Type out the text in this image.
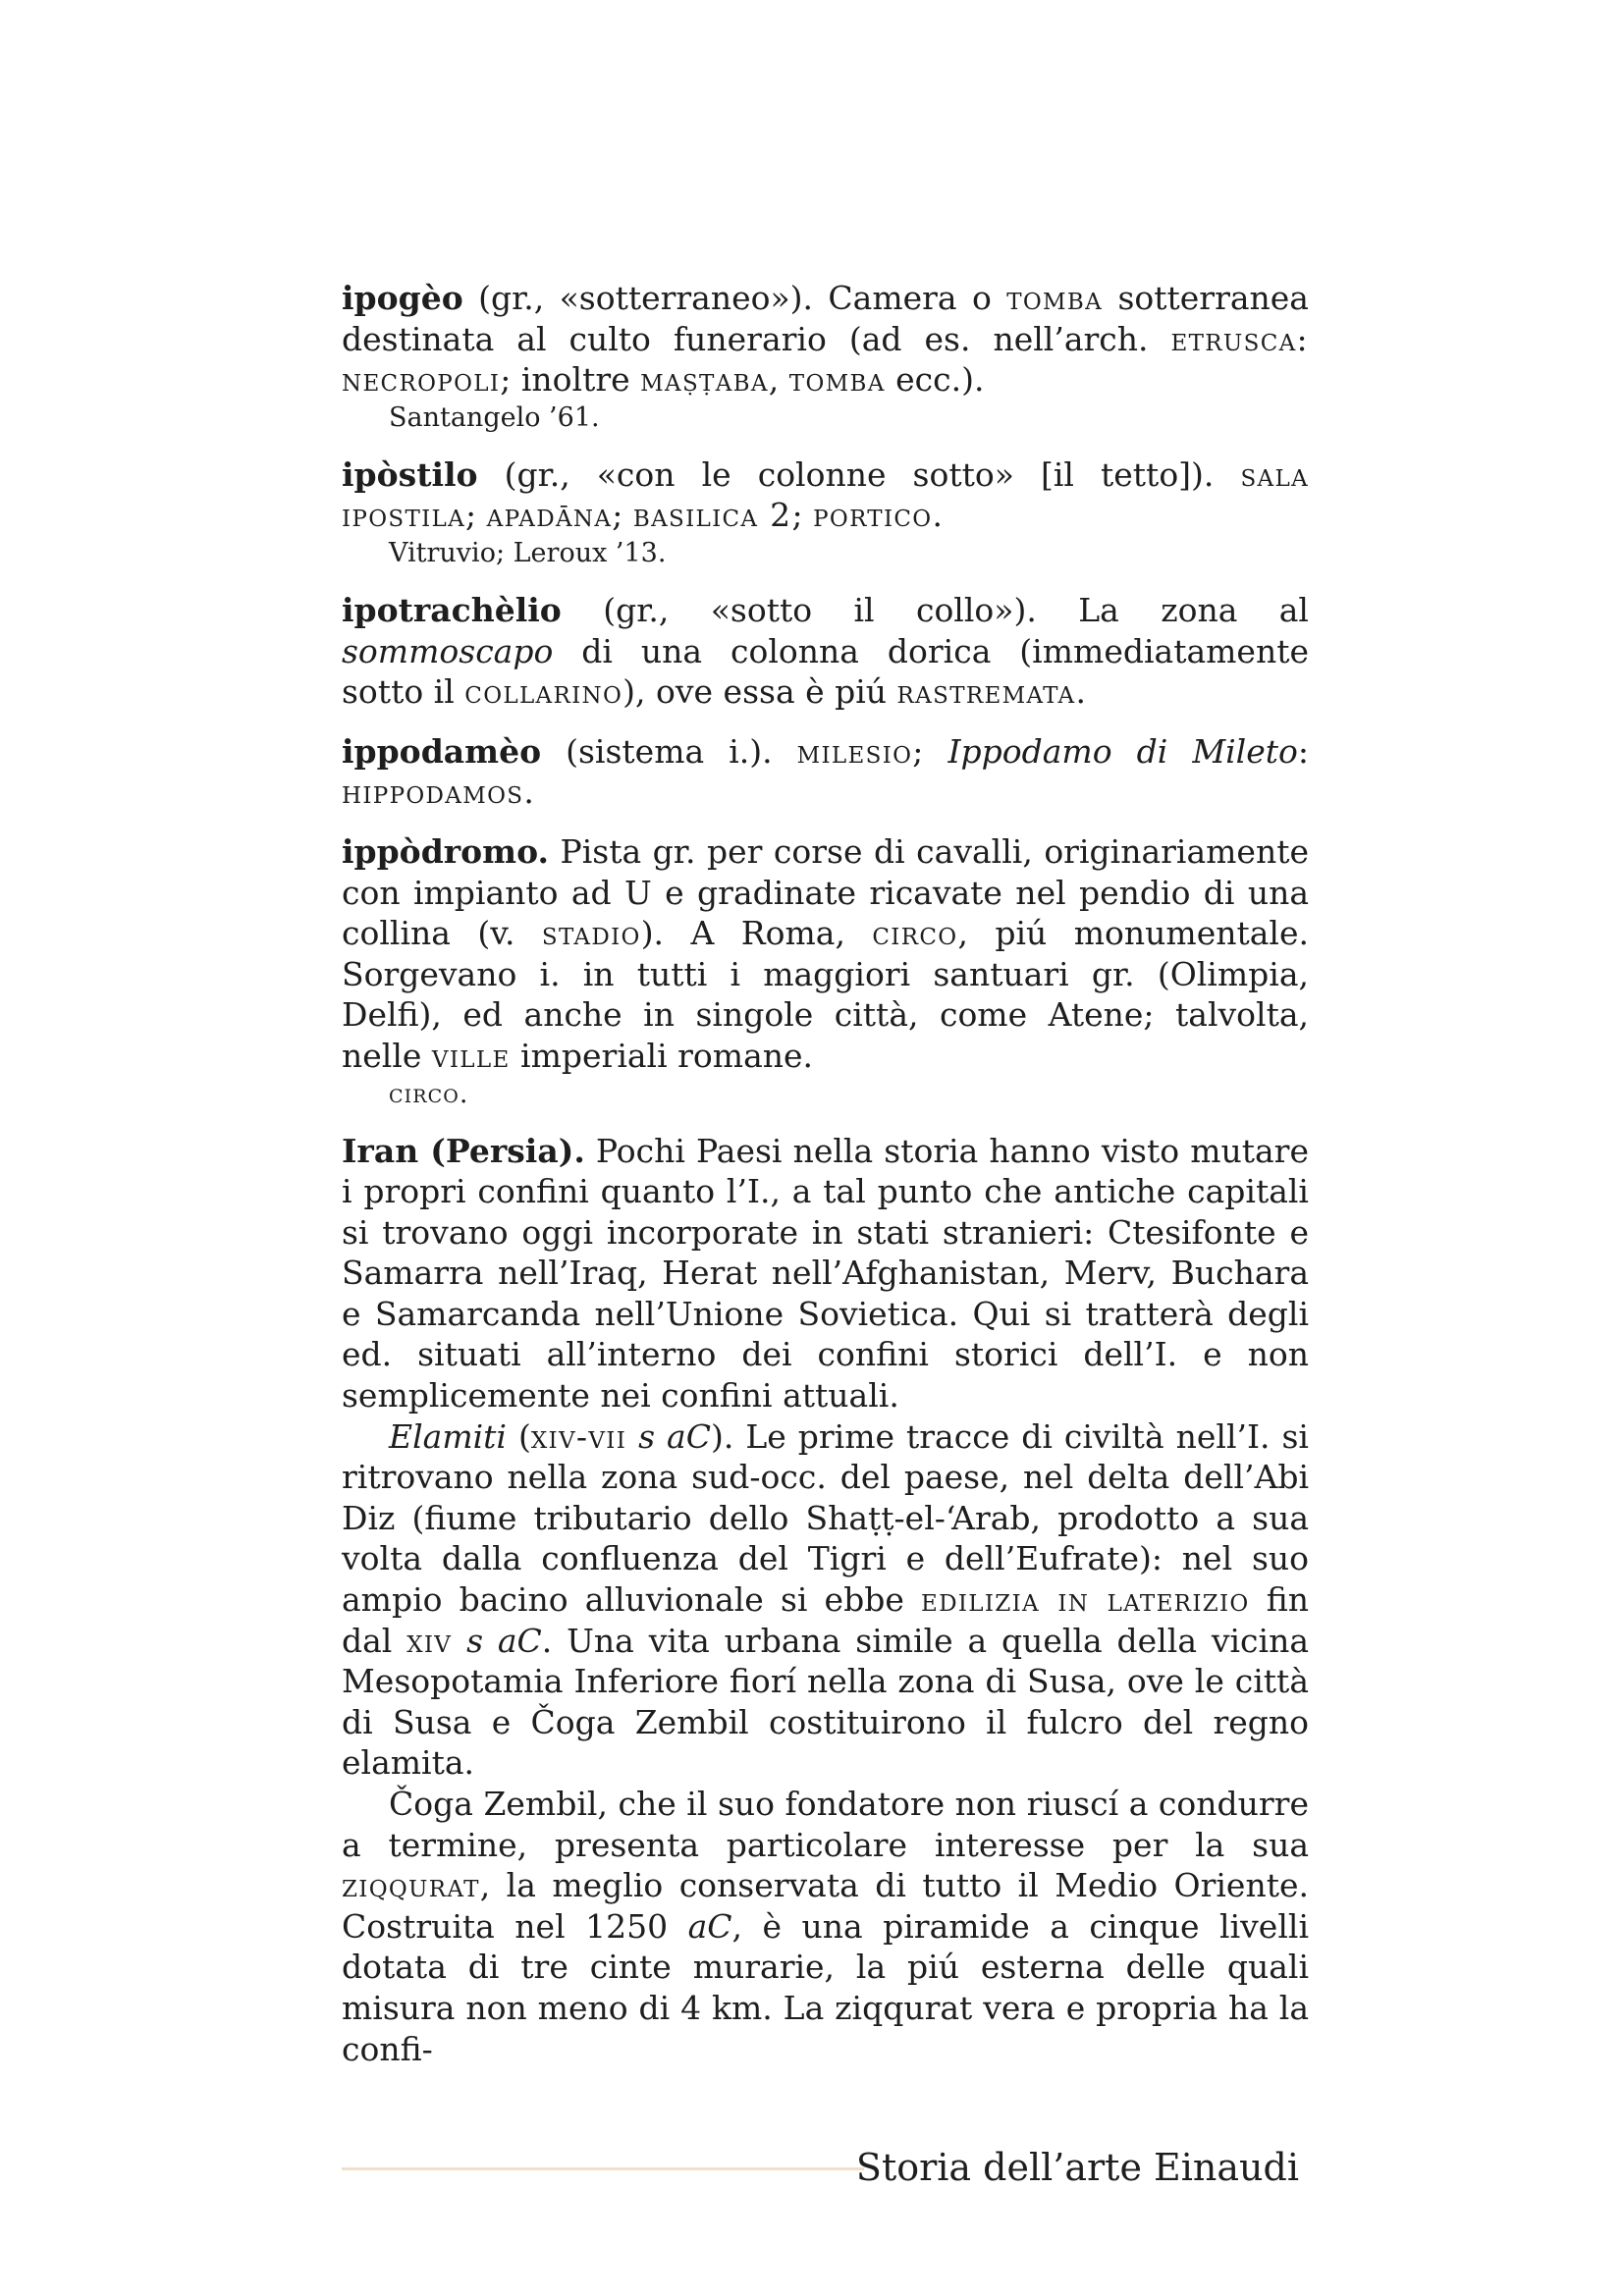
ipogèo (gr., «sotterraneo»). Camera o tomba sotterranea destinata al culto funerario (ad es. nell’arch. etrusca: necropoli; inoltre maṣṭaba, tomba ecc.).

Santangelo ’61.

ipòstilo (gr., «con le colonne sotto» [il tetto]). sala ipostila; apadāna; basilica 2; portico.

Vitruvio; Leroux ’13.

ipotrachèlio (gr., «sotto il collo»). La zona al sommoscapo di una colonna dorica (immediatamente sotto il collarino), ove essa è piú rastremata.

ippodamèo (sistema i.). milesio; Ippodamo di Mileto: hippodamos.

ippòdromo. Pista gr. per corse di cavalli, originariamente con impianto ad U e gradinate ricavate nel pendio di una collina (v. stadio). A Roma, circo, piú monumentale. Sorgevano i. in tutti i maggiori santuari gr. (Olimpia, Delfi), ed anche in singole città, come Atene; talvolta, nelle ville imperiali romane.

circo.

Iran (Persia). Pochi Paesi nella storia hanno visto mutare i propri confini quanto l’I., a tal punto che antiche capitali si trovano oggi incorporate in stati stranieri: Ctesifonte e Samarra nell’Iraq, Herat nell’Afghanistan, Merv, Buchara e Samarcanda nell’Unione Sovietica. Qui si tratterà degli ed. situati all’interno dei confini storici dell’I. e non semplicemente nei confini attuali.

Elamiti (xiv-vii s aC). Le prime tracce di civiltà nell’I. si ritrovano nella zona sud-occ. del paese, nel delta dell’Abi Diz (fiume tributario dello Shaṭṭ-el-‘Arab, prodotto a sua volta dalla confluenza del Tigri e dell’Eufrate): nel suo ampio bacino alluvionale si ebbe edilizia in laterizio fin dal xiv s aC. Una vita urbana simile a quella della vicina Mesopotamia Inferiore fiorí nella zona di Susa, ove le città di Susa e Čoga Zembil costituirono il fulcro del regno elamita.

Čoga Zembil, che il suo fondatore non riuscí a condurre a termine, presenta particolare interesse per la sua ziqqurat, la meglio conservata di tutto il Medio Oriente. Costruita nel 1250 aC, è una piramide a cinque livelli dotata di tre cinte murarie, la piú esterna delle quali misura non meno di 4 km. La ziqqurat vera e propria ha la confi-

Storia dell’arte Einaudi
